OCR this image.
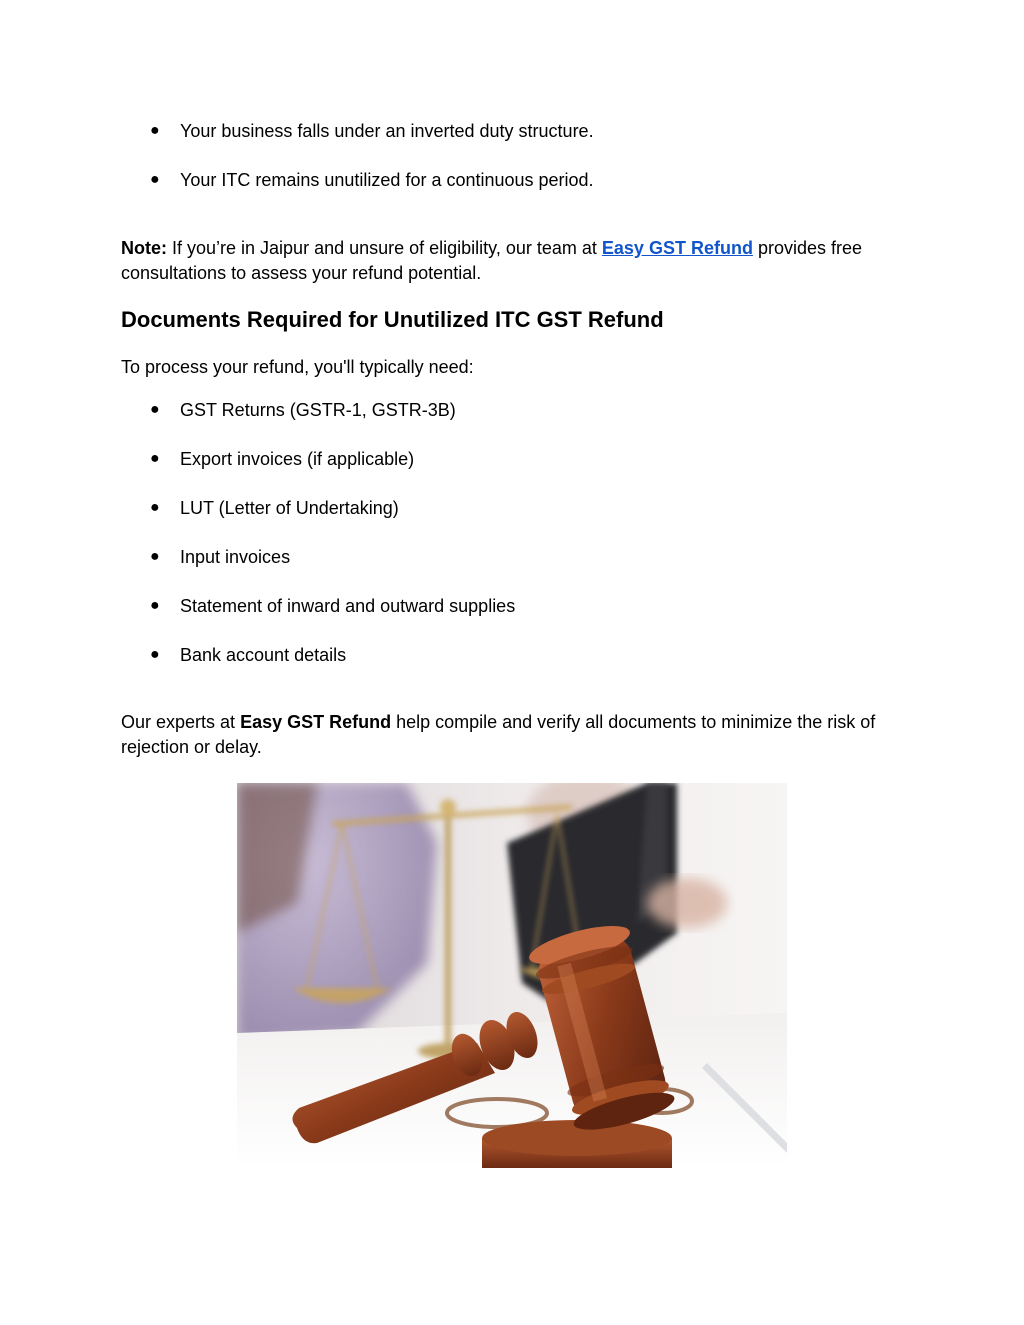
● Your business falls under an inverted duty structure.
● Your ITC remains unutilized for a continuous period.

Note: If you’re in Jaipur and unsure of eligibility, our team at Easy GST Refund provides free consultations to assess your refund potential.

Documents Required for Unutilized ITC GST Refund

To process your refund, you'll typically need:

● GST Returns (GSTR-1, GSTR-3B)
● Export invoices (if applicable)
● LUT (Letter of Undertaking)
● Input invoices
● Statement of inward and outward supplies
● Bank account details

Our experts at Easy GST Refund help compile and verify all documents to minimize the risk of rejection or delay.
